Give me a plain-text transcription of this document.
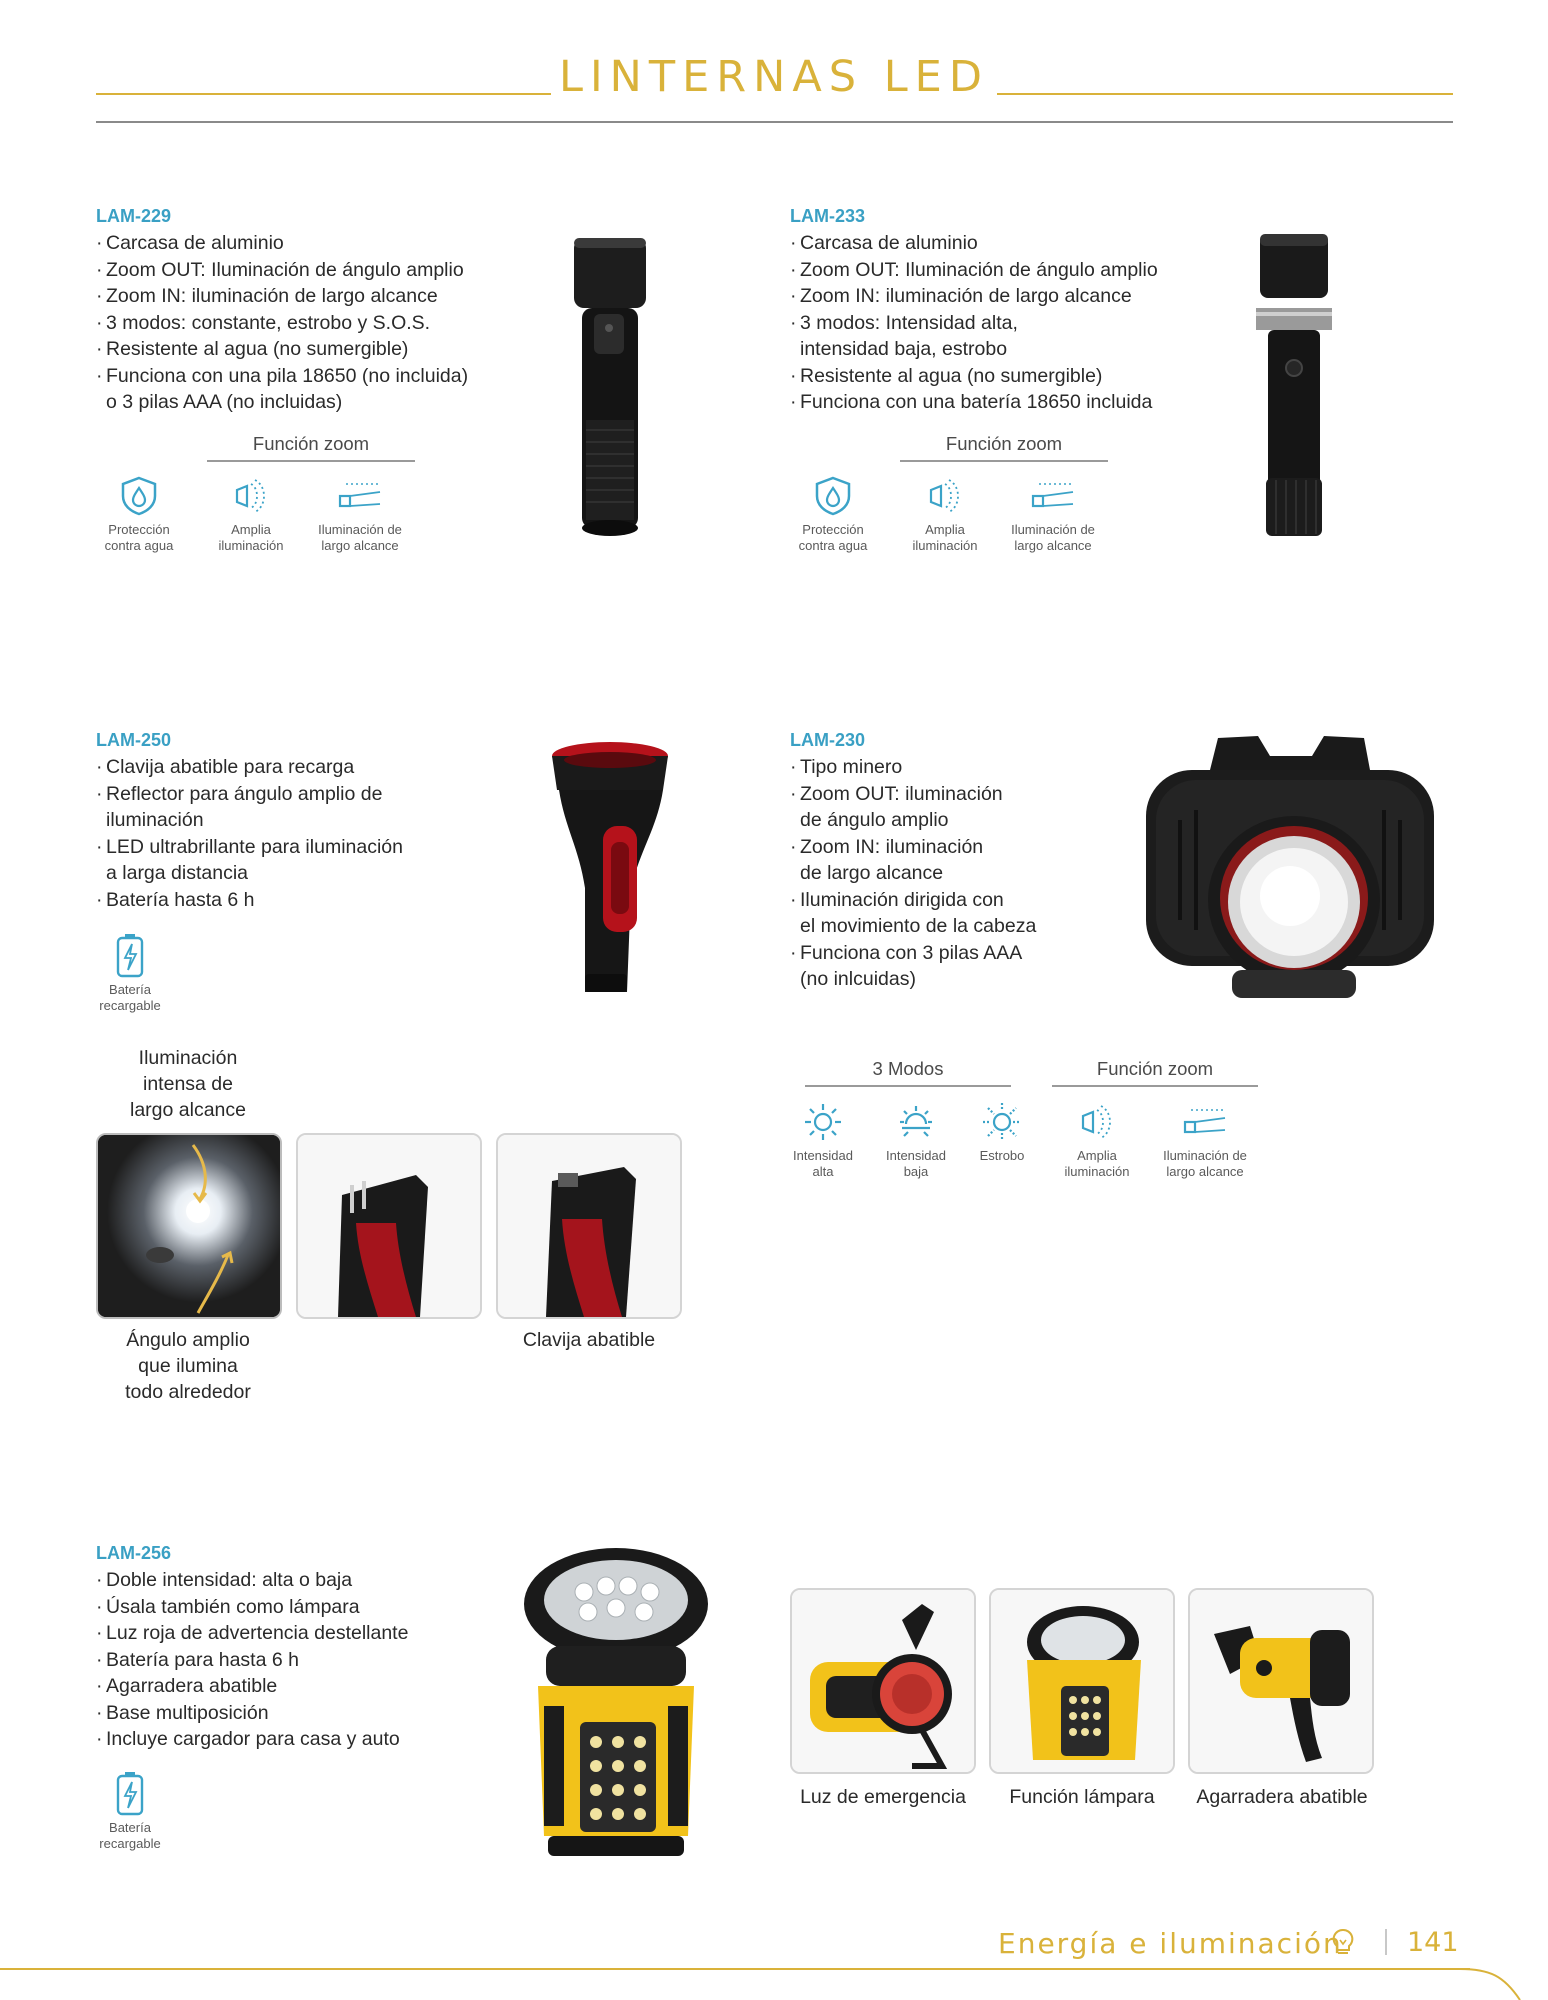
LINTERNAS LED
LAM-229
· Carcasa de aluminio
· Zoom OUT: Iluminación de ángulo amplio
· Zoom IN: iluminación de largo alcance
· 3 modos: constante, estrobo y S.O.S.
· Resistente al agua (no sumergible)
· Funciona con una pila 18650 (no incluida)
o 3 pilas AAA (no incluidas)
Función zoom
Protección
contra agua
Amplia
iluminación
Iluminación de
largo alcance
LAM-233
· Carcasa de aluminio
· Zoom OUT: Iluminación de ángulo amplio
· Zoom IN: iluminación de largo alcance
· 3 modos: Intensidad alta,
intensidad baja, estrobo
· Resistente al agua (no sumergible)
· Funciona con una batería 18650 incluida
Función zoom
Protección
contra agua
Amplia
iluminación
Iluminación de
largo alcance
LAM-250
· Clavija abatible para recarga
· Reflector para ángulo amplio de
iluminación
· LED ultrabrillante para iluminación
a larga distancia
· Batería hasta 6 h
Batería
recargable
Iluminación
intensa de
largo alcance
Ángulo amplio
que ilumina
todo alrededor
Clavija abatible
LAM-230
· Tipo minero
· Zoom OUT: iluminación
de ángulo amplio
· Zoom IN: iluminación
de largo alcance
· Iluminación dirigida con
el movimiento de la cabeza
· Funciona con 3 pilas AAA
(no inlcuidas)
3 Modos	Función zoom
Intensidad
alta
Intensidad
baja
Estrobo	Amplia
iluminación
Iluminación de
largo alcance
LAM-256
· Doble intensidad: alta o baja
· Úsala también como lámpara
· Luz roja de advertencia destellante
· Batería para hasta 6 h
· Agarradera abatible
· Base multiposición
· Incluye cargador para casa y auto
Batería
recargable
Luz de emergencia	Función lámpara	Agarradera abatible
Energía e iluminación 141
